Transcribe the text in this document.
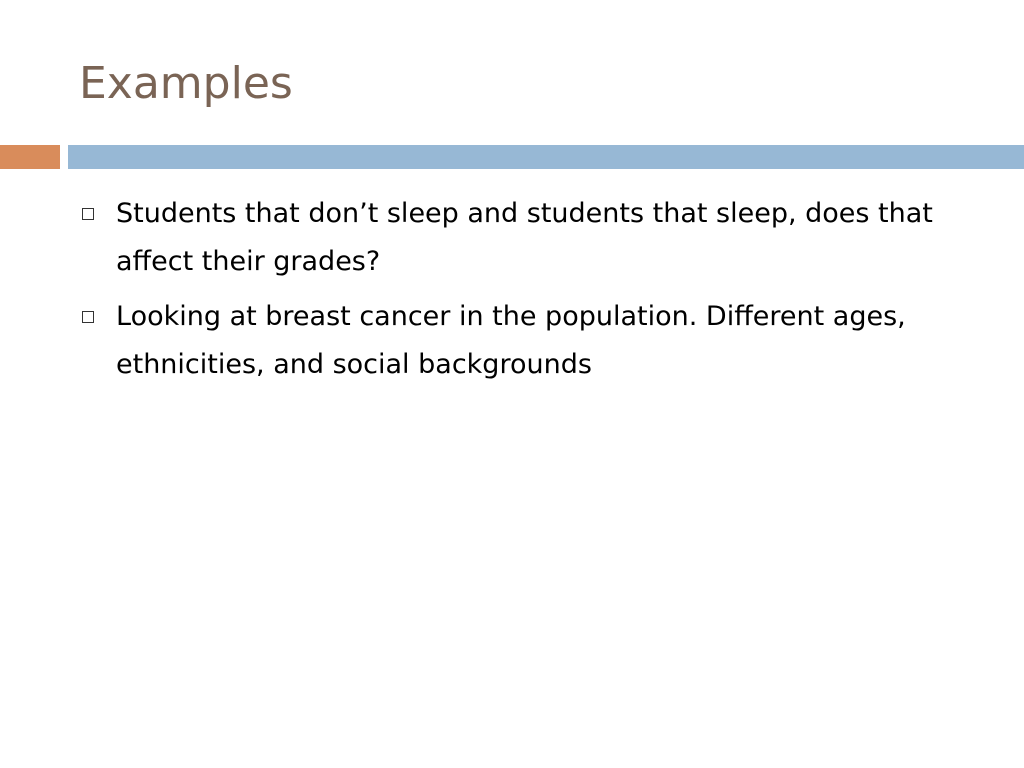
Examples
Students that don’t sleep and students that sleep, does that affect their grades?
Looking at breast cancer in the population. Different ages, ethnicities, and social backgrounds
